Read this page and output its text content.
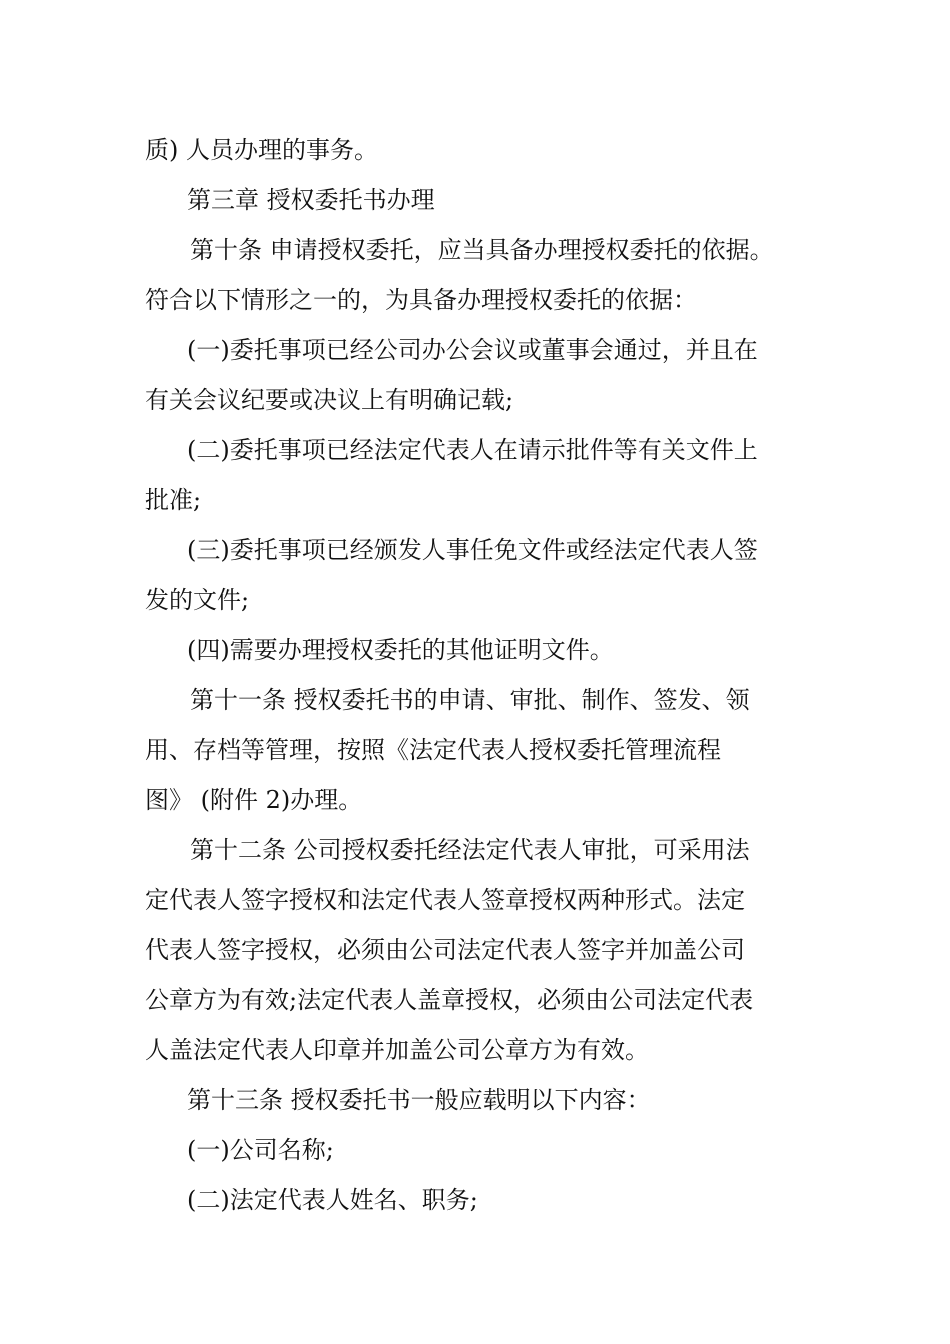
质) 人员办理的事务。
第三章 授权委托书办理
第十条 申请授权委托，应当具备办理授权委托的依据。
符合以下情形之一的，为具备办理授权委托的依据：
(一)委托事项已经公司办公会议或董事会通过，并且在
有关会议纪要或决议上有明确记载;
(二)委托事项已经法定代表人在请示批件等有关文件上
批准;
(三)委托事项已经颁发人事任免文件或经法定代表人签
发的文件;
(四)需要办理授权委托的其他证明文件。
第十一条 授权委托书的申请、审批、制作、签发、领
用、存档等管理，按照《法定代表人授权委托管理流程
图》 (附件 2)办理。
第十二条 公司授权委托经法定代表人审批，可采用法
定代表人签字授权和法定代表人签章授权两种形式。法定
代表人签字授权，必须由公司法定代表人签字并加盖公司
公章方为有效;法定代表人盖章授权，必须由公司法定代表
人盖法定代表人印章并加盖公司公章方为有效。
第十三条 授权委托书一般应载明以下内容：
(一)公司名称;
(二)法定代表人姓名、职务;
